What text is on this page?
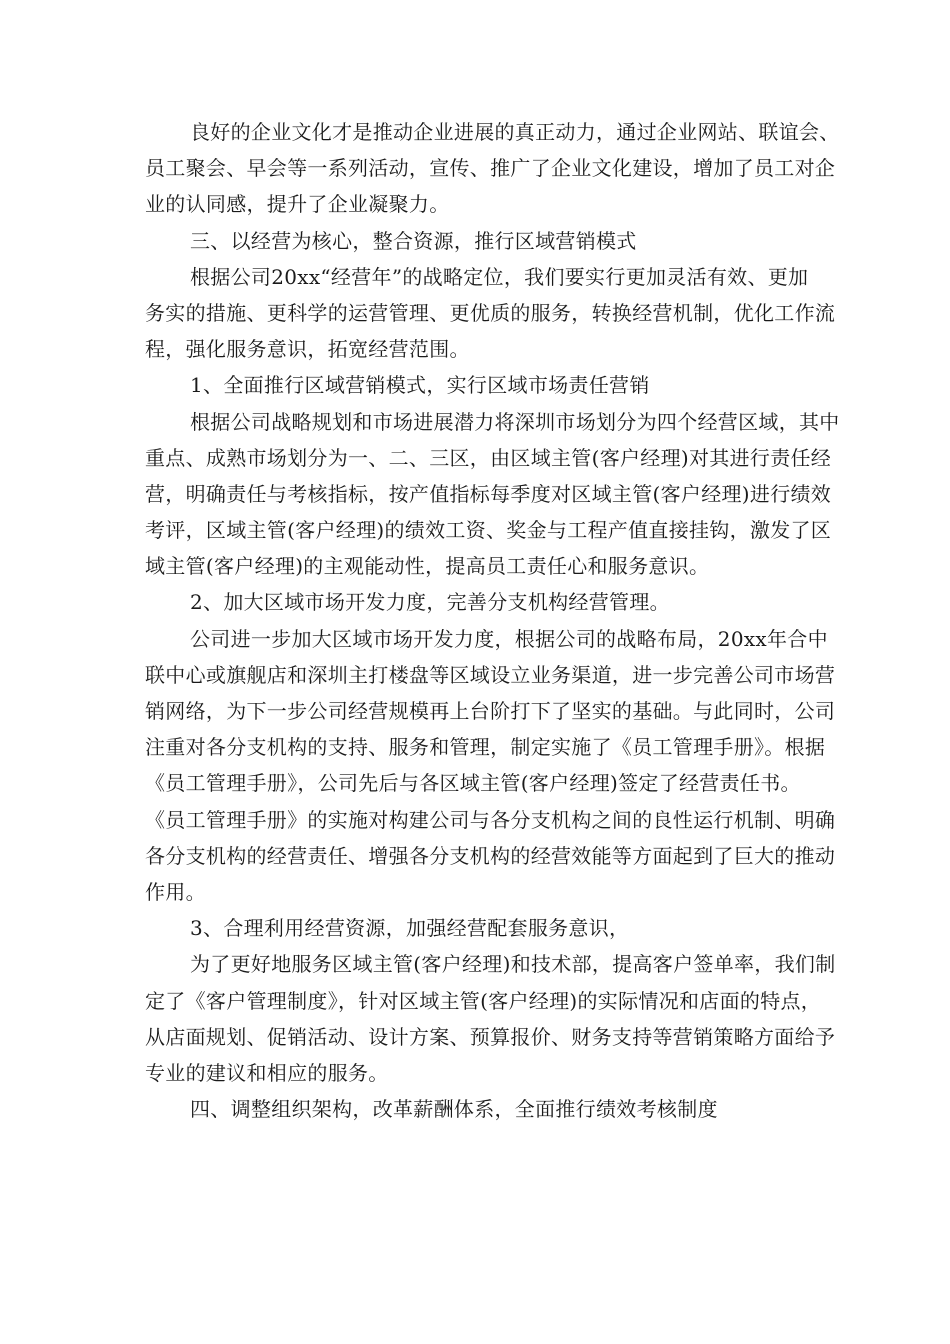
良好的企业文化才是推动企业进展的真正动力，通过企业网站、联谊会、
员工聚会、早会等一系列活动，宣传、推广了企业文化建设，增加了员工对企
业的认同感，提升了企业凝聚力。
三、以经营为核心，整合资源，推行区域营销模式
根据公司20xx“经营年”的战略定位，我们要实行更加灵活有效、更加
务实的措施、更科学的运营管理、更优质的服务，转换经营机制，优化工作流
程，强化服务意识，拓宽经营范围。
1、全面推行区域营销模式，实行区域市场责任营销
根据公司战略规划和市场进展潜力将深圳市场划分为四个经营区域，其中
重点、成熟市场划分为一、二、三区，由区域主管(客户经理)对其进行责任经
营，明确责任与考核指标，按产值指标每季度对区域主管(客户经理)进行绩效
考评，区域主管(客户经理)的绩效工资、奖金与工程产值直接挂钩，激发了区
域主管(客户经理)的主观能动性，提高员工责任心和服务意识。
2、加大区域市场开发力度，完善分支机构经营管理。
公司进一步加大区域市场开发力度，根据公司的战略布局，20xx年合中
联中心或旗舰店和深圳主打楼盘等区域设立业务渠道，进一步完善公司市场营
销网络，为下一步公司经营规模再上台阶打下了坚实的基础。与此同时，公司
注重对各分支机构的支持、服务和管理，制定实施了《员工管理手册》。根据
《员工管理手册》，公司先后与各区域主管(客户经理)签定了经营责任书。
《员工管理手册》的实施对构建公司与各分支机构之间的良性运行机制、明确
各分支机构的经营责任、增强各分支机构的经营效能等方面起到了巨大的推动
作用。
3、合理利用经营资源，加强经营配套服务意识，
为了更好地服务区域主管(客户经理)和技术部，提高客户签单率，我们制
定了《客户管理制度》，针对区域主管(客户经理)的实际情况和店面的特点，
从店面规划、促销活动、设计方案、预算报价、财务支持等营销策略方面给予
专业的建议和相应的服务。
四、调整组织架构，改革薪酬体系，全面推行绩效考核制度
